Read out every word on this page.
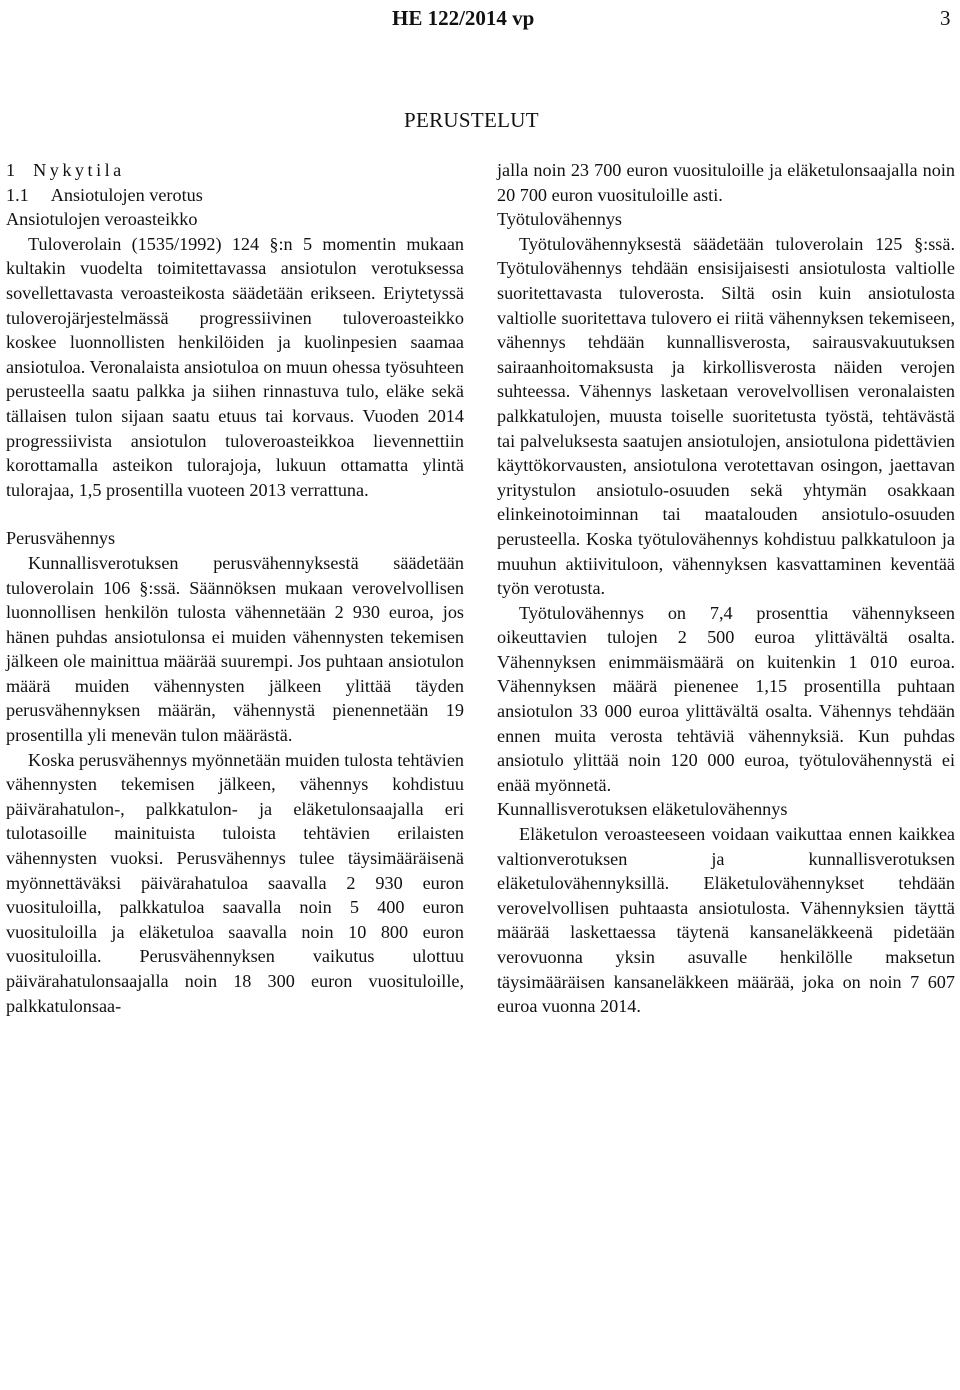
HE 122/2014 vp	3
PERUSTELUT

1 Nykytila

1.1 Ansiotulojen verotus

Ansiotulojen veroasteikko

Tuloverolain (1535/1992) 124 §:n 5 momentin mukaan kultakin vuodelta toimitettavassa ansiotulon verotuksessa sovellettavasta veroasteikosta säädetään erikseen. Eriytetyssä tuloverojärjestelmässä progressiivinen tuloveroasteikko koskee luonnollisten henkilöiden ja kuolinpesien saamaa ansiotuloa. Veronalaista ansiotuloa on muun ohessa työsuhteen perusteella saatu palkka ja siihen rinnastuva tulo, eläke sekä tällaisen tulon sijaan saatu etuus tai korvaus. Vuoden 2014 progressiivista ansiotulon tuloveroasteikkoa lievennettiin korottamalla asteikon tulorajoja, lukuun ottamatta ylintä tulorajaa, 1,5 prosentilla vuoteen 2013 verrattuna.

Perusvähennys

Kunnallisverotuksen perusvähennyksestä säädetään tuloverolain 106 §:ssä. Säännöksen mukaan verovelvollisen luonnollisen henkilön tulosta vähennetään 2 930 euroa, jos hänen puhdas ansiotulonsa ei muiden vähennysten tekemisen jälkeen ole mainittua määrää suurempi. Jos puhtaan ansiotulon määrä muiden vähennysten jälkeen ylittää täyden perusvähennyksen määrän, vähennystä pienennetään 19 prosentilla yli menevän tulon määrästä.

Koska perusvähennys myönnetään muiden tulosta tehtävien vähennysten tekemisen jälkeen, vähennys kohdistuu päivärahatulon-, palkkatulon- ja eläketulonsaajalla eri tulotasoille mainituista tuloista tehtävien erilaisten vähennysten vuoksi. Perusvähennys tulee täysimääräisenä myönnettäväksi päivärahatuloa saavalla 2 930 euron vuosituloilla, palkkatuloa saavalla noin 5 400 euron vuosituloilla ja eläketuloa saavalla noin 10 800 euron vuosituloilla. Perusvähennyksen vaikutus ulottuu päivärahatulonsaajalla noin 18 300 euron vuosituloille, palkkatulonsaa-

jalla noin 23 700 euron vuosituloille ja eläketulonsaajalla noin 20 700 euron vuosituloille asti.

Työtulovähennys

Työtulovähennyksestä säädetään tuloverolain 125 §:ssä. Työtulovähennys tehdään ensisijaisesti ansiotulosta valtiolle suoritettavasta tuloverosta. Siltä osin kuin ansiotulosta valtiolle suoritettava tulovero ei riitä vähennyksen tekemiseen, vähennys tehdään kunnallisverosta, sairausvakuutuksen sairaanhoitomaksusta ja kirkollisverosta näiden verojen suhteessa. Vähennys lasketaan verovelvollisen veronalaisten palkkatulojen, muusta toiselle suoritetusta työstä, tehtävästä tai palveluksesta saatujen ansiotulojen, ansiotulona pidettävien käyttökorvausten, ansiotulona verotettavan osingon, jaettavan yritystulon ansiotulo-osuuden sekä yhtymän osakkaan elinkeinotoiminnan tai maatalouden ansiotulo-osuuden perusteella. Koska työtulovähennys kohdistuu palkkatuloon ja muuhun aktiivituloon, vähennyksen kasvattaminen keventää työn verotusta.

Työtulovähennys on 7,4 prosenttia vähennykseen oikeuttavien tulojen 2 500 euroa ylittävältä osalta. Vähennyksen enimmäismäärä on kuitenkin 1 010 euroa. Vähennyksen määrä pienenee 1,15 prosentilla puhtaan ansiotulon 33 000 euroa ylittävältä osalta. Vähennys tehdään ennen muita verosta tehtäviä vähennyksiä. Kun puhdas ansiotulo ylittää noin 120 000 euroa, työtulovähennystä ei enää myönnetä.

Kunnallisverotuksen eläketulovähennys

Eläketulon veroasteeseen voidaan vaikuttaa ennen kaikkea valtionverotuksen ja kunnallisverotuksen eläketulovähennyksillä. Eläketulovähennykset tehdään verovelvollisen puhtaasta ansiotulosta. Vähennyksien täyttä määrää laskettaessa täytenä kansaneläkkeenä pidetään verovuonna yksin asuvalle henkilölle maksetun täysimääräisen kansaneläkkeen määrää, joka on noin 7 607 euroa vuonna 2014.
